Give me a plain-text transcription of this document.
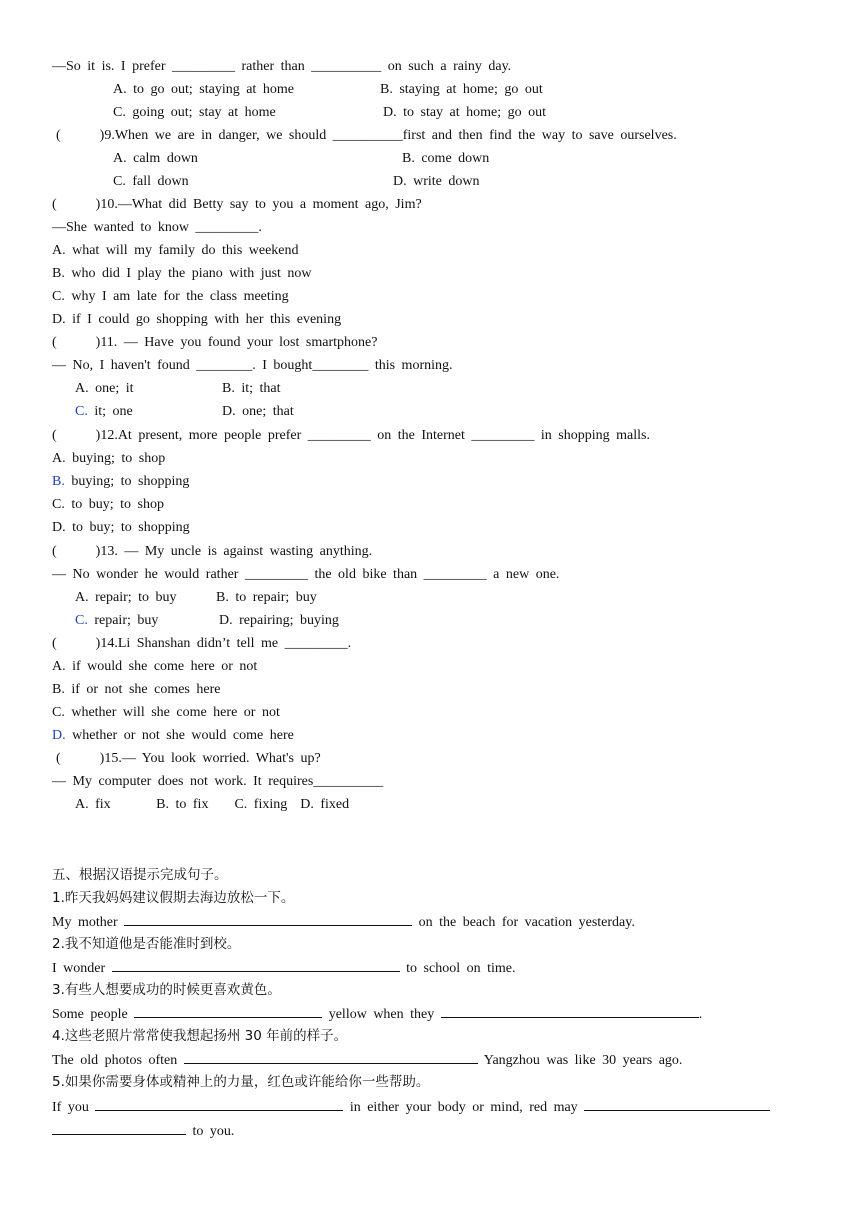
—So it is. I prefer _________ rather than __________ on such a rainy day.
A. to go out; staying at home	B. staying at home; go out
C. going out; stay at home	D. to stay at home; go out
(      )9.When we are in danger, we should __________first and then find the way to save ourselves.
A. calm down	B. come down
C. fall down	D. write down
(      )10.—What did Betty say to you a moment ago, Jim?
—She wanted to know _________.
A. what will my family do this weekend
B. who did I play the piano with just now
C. why I am late for the class meeting
D. if I could go shopping with her this evening
(      )11. — Have you found your lost smartphone?
— No, I haven't found ________. I bought________ this morning.
A. one; it	B. it; that
C. it; one	D. one; that
(      )12.At present, more people prefer _________ on the Internet _________ in shopping malls.
A. buying; to shop
B. buying; to shopping
C. to buy; to shop
D. to buy; to shopping
(      )13. — My uncle is against wasting anything.
— No wonder he would rather _________ the old bike than _________ a new one.
A. repair; to buy	B. to repair; buy
C. repair; buy	D. repairing; buying
(      )14.Li Shanshan didn’t tell me _________.
A. if would she come here or not
B. if or not she comes here
C. whether will she come here or not
D. whether or not she would come here
(      )15.— You look worried. What's up?
— My computer does not work. It requires__________
A. fix       B. to fix    C. fixing  D. fixed
五、根据汉语提示完成句子。
1.昨天我妈妈建议假期去海边放松一下。
My mother	on the beach for vacation yesterday.
2.我不知道他是否能准时到校。
I wonder	to school on time.
3.有些人想要成功的时候更喜欢黄色。
Some people	yellow when they	.
4.这些老照片常常使我想起扬州 30 年前的样子。
The old photos often	Yangzhou was like 30 years ago.
5.如果你需要身体或精神上的力量，红色或许能给你一些帮助。
If you	in either your body or mind, red may
to you.
